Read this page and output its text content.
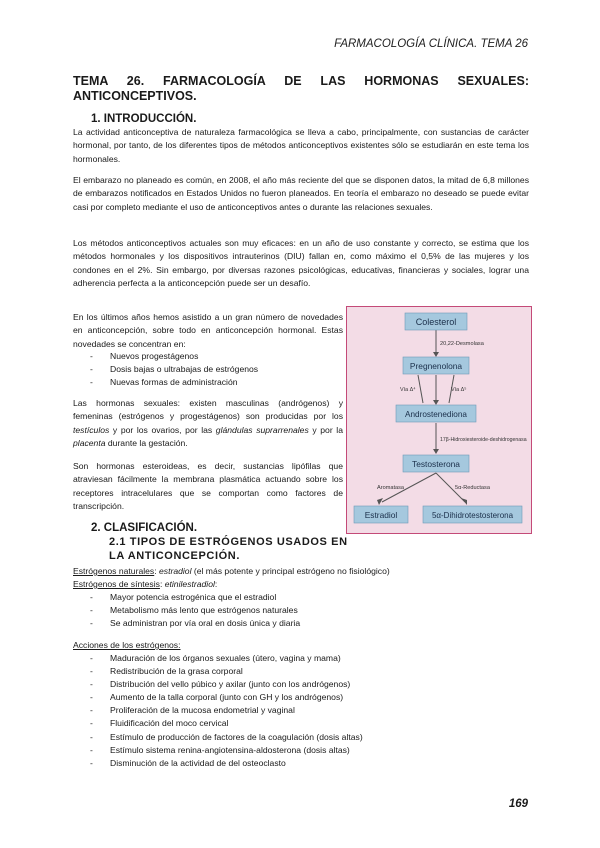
FARMACOLOGÍA CLÍNICA. TEMA 26
TEMA 26. FARMACOLOGÍA DE LAS HORMONAS SEXUALES: ANTICONCEPTIVOS.
1. INTRODUCCIÓN.
La actividad anticonceptiva de naturaleza farmacológica se lleva a cabo, principalmente, con sustancias de carácter hormonal, por tanto, de los diferentes tipos de métodos anticonceptivos existentes sólo se estudiarán en este tema los hormonales.
El embarazo no planeado es común, en 2008, el año más reciente del que se disponen datos, la mitad de 6,8 millones de embarazos notificados en Estados Unidos no fueron planeados. En teoría el embarazo no deseado se puede evitar casi por completo mediante el uso de anticonceptivos antes o durante las relaciones sexuales.
Los métodos anticonceptivos actuales son muy eficaces: en un año de uso constante y correcto, se estima que los métodos hormonales y los dispositivos intrauterinos (DIU) fallan en, como máximo el 0,5% de las mujeres y los condones en el 2%. Sin embargo, por diversas razones psicológicas, educativas, financieras y sociales, lograr una adherencia perfecta a la anticoncepción puede ser un desafío.
En los últimos años hemos asistido a un gran número de novedades en anticoncepción, sobre todo en anticoncepción hormonal. Estas novedades se concentran en:
- Nuevos progestágenos
- Dosis bajas o ultrabajas de estrógenos
- Nuevas formas de administración
Las hormonas sexuales: existen masculinas (andrógenos) y femeninas (estrógenos y progestágenos) son producidas por los testículos y por los ovarios, por las glándulas suprarrenales y por la placenta durante la gestación.
Son hormonas esteroideas, es decir, sustancias lipófilas que atraviesan fácilmente la membrana plasmática actuando sobre los receptores intracelulares que se comportan como factores de transcripción.
Colesterol
20,22-Desmolasa
Pregnenolona
Vía Δ⁴	Vía Δ⁵
Androstenediona
17β-Hidroxiesteroide-deshidrogenasa
Testosterona
Aromatasa	5α-Reductasa
Estradiol	5α-Dihidrotestosterona
2. CLASIFICACIÓN.
2.1 TIPOS DE ESTRÓGENOS USADOS EN
LA ANTICONCEPCIÓN.
Estrógenos naturales: estradiol (el más potente y principal estrógeno no fisiológico)
Estrógenos de síntesis: etinilestradiol:
- Mayor potencia estrogénica que el estradiol
- Metabolismo más lento que estrógenos naturales
- Se administran por vía oral en dosis única y diaria
Acciones de los estrógenos:
- Maduración de los órganos sexuales (útero, vagina y mama)
- Redistribución de la grasa corporal
- Distribución del vello púbico y axilar (junto con los andrógenos)
- Aumento de la talla corporal (junto con GH y los andrógenos)
- Proliferación de la mucosa endometrial y vaginal
- Fluidificación del moco cervical
- Estímulo de producción de factores de la coagulación (dosis altas)
- Estímulo sistema renina-angiotensina-aldosterona (dosis altas)
- Disminución de la actividad de del osteoclasto
169
